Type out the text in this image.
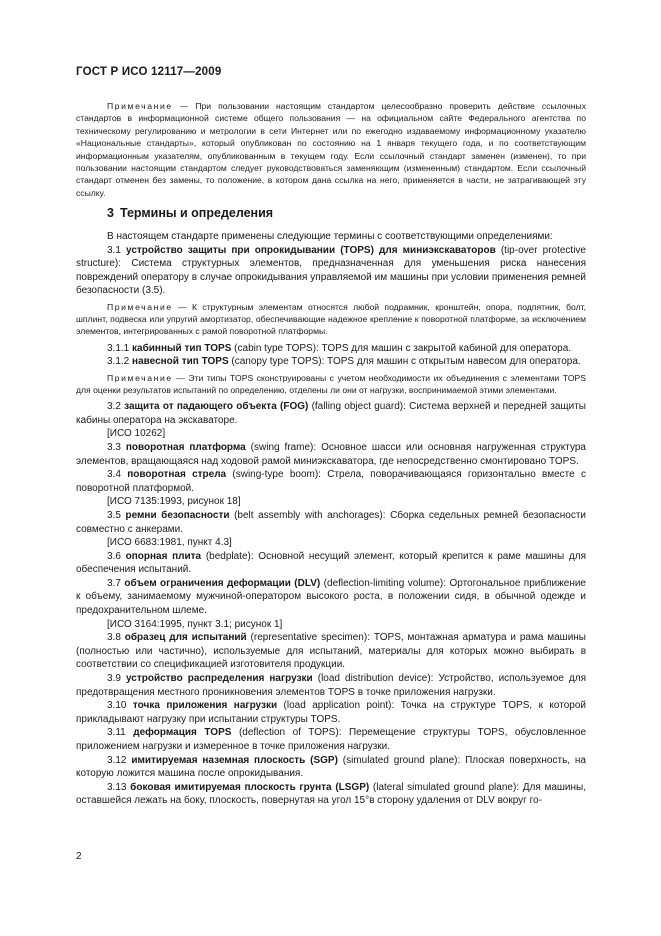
ГОСТ Р ИСО 12117—2009
Примечание — При пользовании настоящим стандартом целесообразно проверить действие ссылочных стандартов в информационной системе общего пользования — на официальном сайте Федерального агентства по техническому регулированию и метрологии в сети Интернет или по ежегодно издаваемому информационному указателю «Национальные стандарты», который опубликован по состоянию на 1 января текущего года, и по соответствующим информационным указателям, опубликованным в текущем году. Если ссылочный стандарт заменен (изменен), то при пользовании настоящим стандартом следует руководствоваться заменяющим (измененным) стандартом. Если ссылочный стандарт отменен без замены, то положение, в котором дана ссылка на него, применяется в части, не затрагивающей эту ссылку.
3 Термины и определения

В настоящем стандарте применены следующие термины с соответствующими определениями:

3.1 устройство защиты при опрокидывании (TOPS) для миниэкскаваторов (tip-over protective structure): Система структурных элементов, предназначенная для уменьшения риска нанесения повреждений оператору в случае опрокидывания управляемой им машины при условии применения ремней безопасности (3.5).

Примечание — К структурным элементам относятся любой подрамник, кронштейн, опора, подпятник, болт, шплинт, подвеска или упругий амортизатор, обеспечивающие надежное крепление к поворотной платформе, за исключением элементов, интегрированных с рамой поворотной платформы.

3.1.1 кабинный тип TOPS (cabin type TOPS): TOPS для машин с закрытой кабиной для оператора.

3.1.2 навесной тип TOPS (canopy type TOPS): TOPS для машин с открытым навесом для оператора.

Примечание — Эти типы TOPS сконструированы с учетом необходимости их объединения с элементами TOPS для оценки результатов испытаний по определению, отделены ли они от нагрузки, воспринимаемой этими элементами.

3.2 защита от падающего объекта (FOG) (falling object guard): Система верхней и передней защиты кабины оператора на экскаваторе.

[ИСО 10262]

3.3 поворотная платформа (swing frame): Основное шасси или основная нагруженная структура элементов, вращающаяся над ходовой рамой миниэкскаватора, где непосредственно смонтировано TOPS.

3.4 поворотная стрела (swing-type boom): Стрела, поворачивающаяся горизонтально вместе с поворотной платформой.

[ИСО 7135:1993, рисунок 18]

3.5 ремни безопасности (belt assembly with anchorages): Сборка седельных ремней безопасности совместно с анкерами.

[ИСО 6683:1981, пункт 4.3]

3.6 опорная плита (bedplate): Основной несущий элемент, который крепится к раме машины для обеспечения испытаний.

3.7 объем ограничения деформации (DLV) (deflection-limiting volume): Ортогональное приближение к объему, занимаемому мужчиной-оператором высокого роста, в положении сидя, в обычной одежде и предохранительном шлеме.

[ИСО 3164:1995, пункт 3.1; рисунок 1]

3.8 образец для испытаний (representative specimen): TOPS, монтажная арматура и рама машины (полностью или частично), используемые для испытаний, материалы для которых можно выбирать в соответствии со спецификацией изготовителя продукции.

3.9 устройство распределения нагрузки (load distribution device): Устройство, используемое для предотвращения местного проникновения элементов TOPS в точке приложения нагрузки.

3.10 точка приложения нагрузки (load application point): Точка на структуре TOPS, к которой прикладывают нагрузку при испытании структуры TOPS.

3.11 деформация TOPS (deflection of TOPS): Перемещение структуры TOPS, обусловленное приложением нагрузки и измеренное в точке приложения нагрузки.

3.12 имитируемая наземная плоскость (SGP) (simulated ground plane): Плоская поверхность, на которую ложится машина после опрокидывания.

3.13 боковая имитируемая плоскость грунта (LSGP) (lateral simulated ground plane): Для машины, оставшейся лежать на боку, плоскость, повернутая на угол 15°в сторону удаления от DLV вокруг го-

2
